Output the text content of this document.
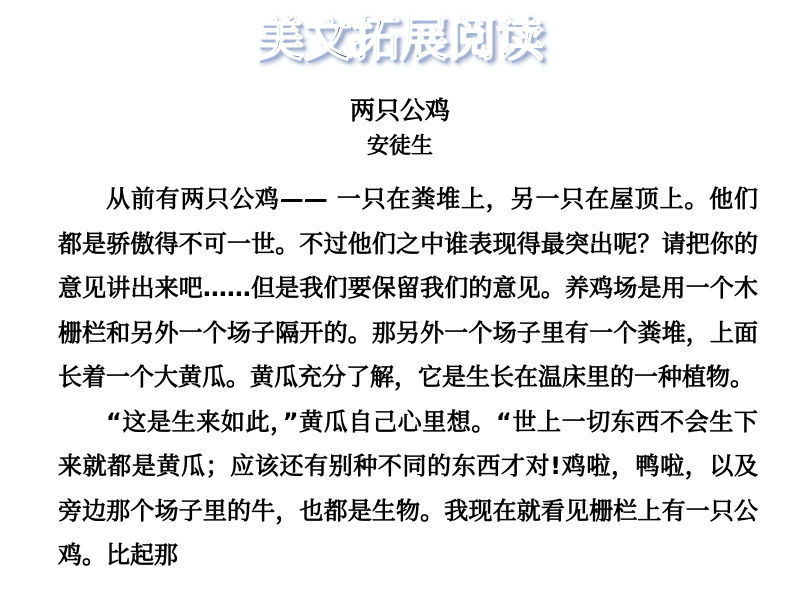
美文拓展阅读
两只公鸡
安徒生

从前有两只公鸡—— 一只在粪堆上，另一只在屋顶上。他们都是骄傲得不可一世。不过他们之中谁表现得最突出呢？请把你的意见讲出来吧……但是我们要保留我们的意见。养鸡场是用一个木栅栏和另外一个场子隔开的。那另外一个场子里有一个粪堆，上面长着一个大黄瓜。黄瓜充分了解，它是生长在温床里的一种植物。

“这是生来如此，”黄瓜自己心里想。“世上一切东西不会生下来就都是黄瓜；应该还有别种不同的东西才对!鸡啦，鸭啦，以及旁边那个场子里的牛，也都是生物。我现在就看见栅栏上有一只公鸡。比起那
